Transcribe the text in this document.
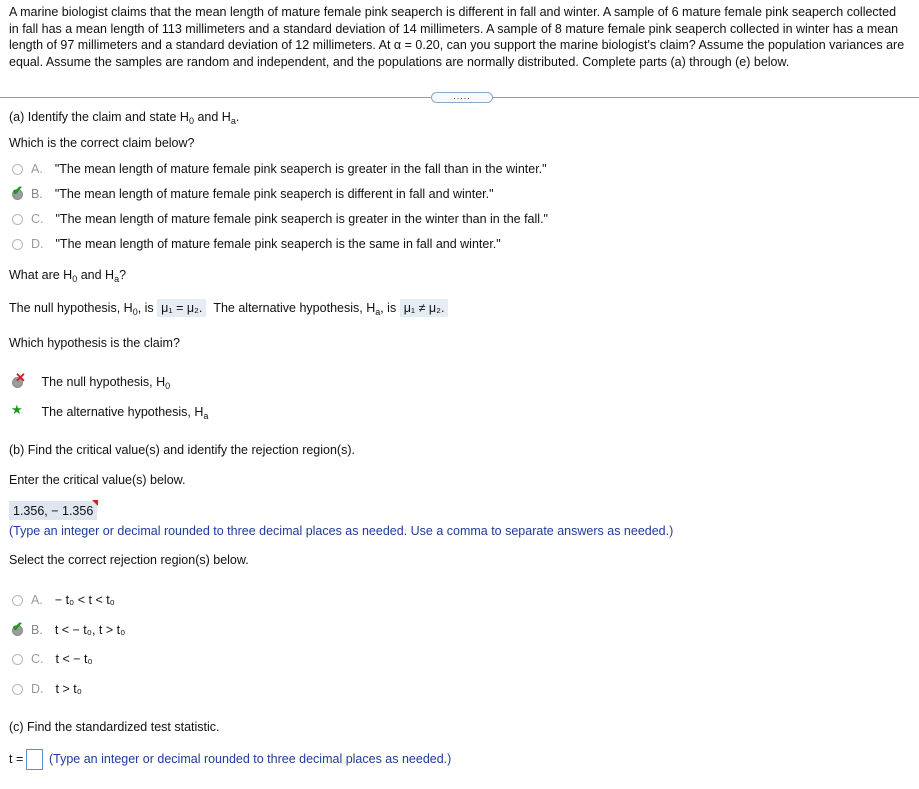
A marine biologist claims that the mean length of mature female pink seaperch is different in fall and winter. A sample of 6 mature female pink seaperch collected in fall has a mean length of 113 millimeters and a standard deviation of 14 millimeters. A sample of 8 mature female pink seaperch collected in winter has a mean length of 97 millimeters and a standard deviation of 12 millimeters. At α = 0.20, can you support the marine biologist's claim? Assume the population variances are equal. Assume the samples are random and independent, and the populations are normally distributed. Complete parts (a) through (e) below.
.....
(a) Identify the claim and state $H_0$ and $H_a$.
Which is the correct claim below?
A. "The mean length of mature female pink seaperch is greater in the fall than in the winter."
✔ B. "The mean length of mature female pink seaperch is different in fall and winter."
C. "The mean length of mature female pink seaperch is greater in the winter than in the fall."
D. "The mean length of mature female pink seaperch is the same in fall and winter."
What are $H_0$ and $H_a$?
The null hypothesis, $H_0$, is μ₁ = μ₂. The alternative hypothesis, $H_a$, is μ₁ ≠ μ₂.
Which hypothesis is the claim?
✕ The null hypothesis, $H_0$
★ The alternative hypothesis, $H_a$
(b) Find the critical value(s) and identify the rejection region(s).
Enter the critical value(s) below.
1.356, − 1.356
(Type an integer or decimal rounded to three decimal places as needed. Use a comma to separate answers as needed.)
Select the correct rejection region(s) below.
A. − t₀ < t < t₀
✔ B. t < − t₀, t > t₀
C. t < − t₀
D. t > t₀
(c) Find the standardized test statistic.
t = (Type an integer or decimal rounded to three decimal places as needed.)
